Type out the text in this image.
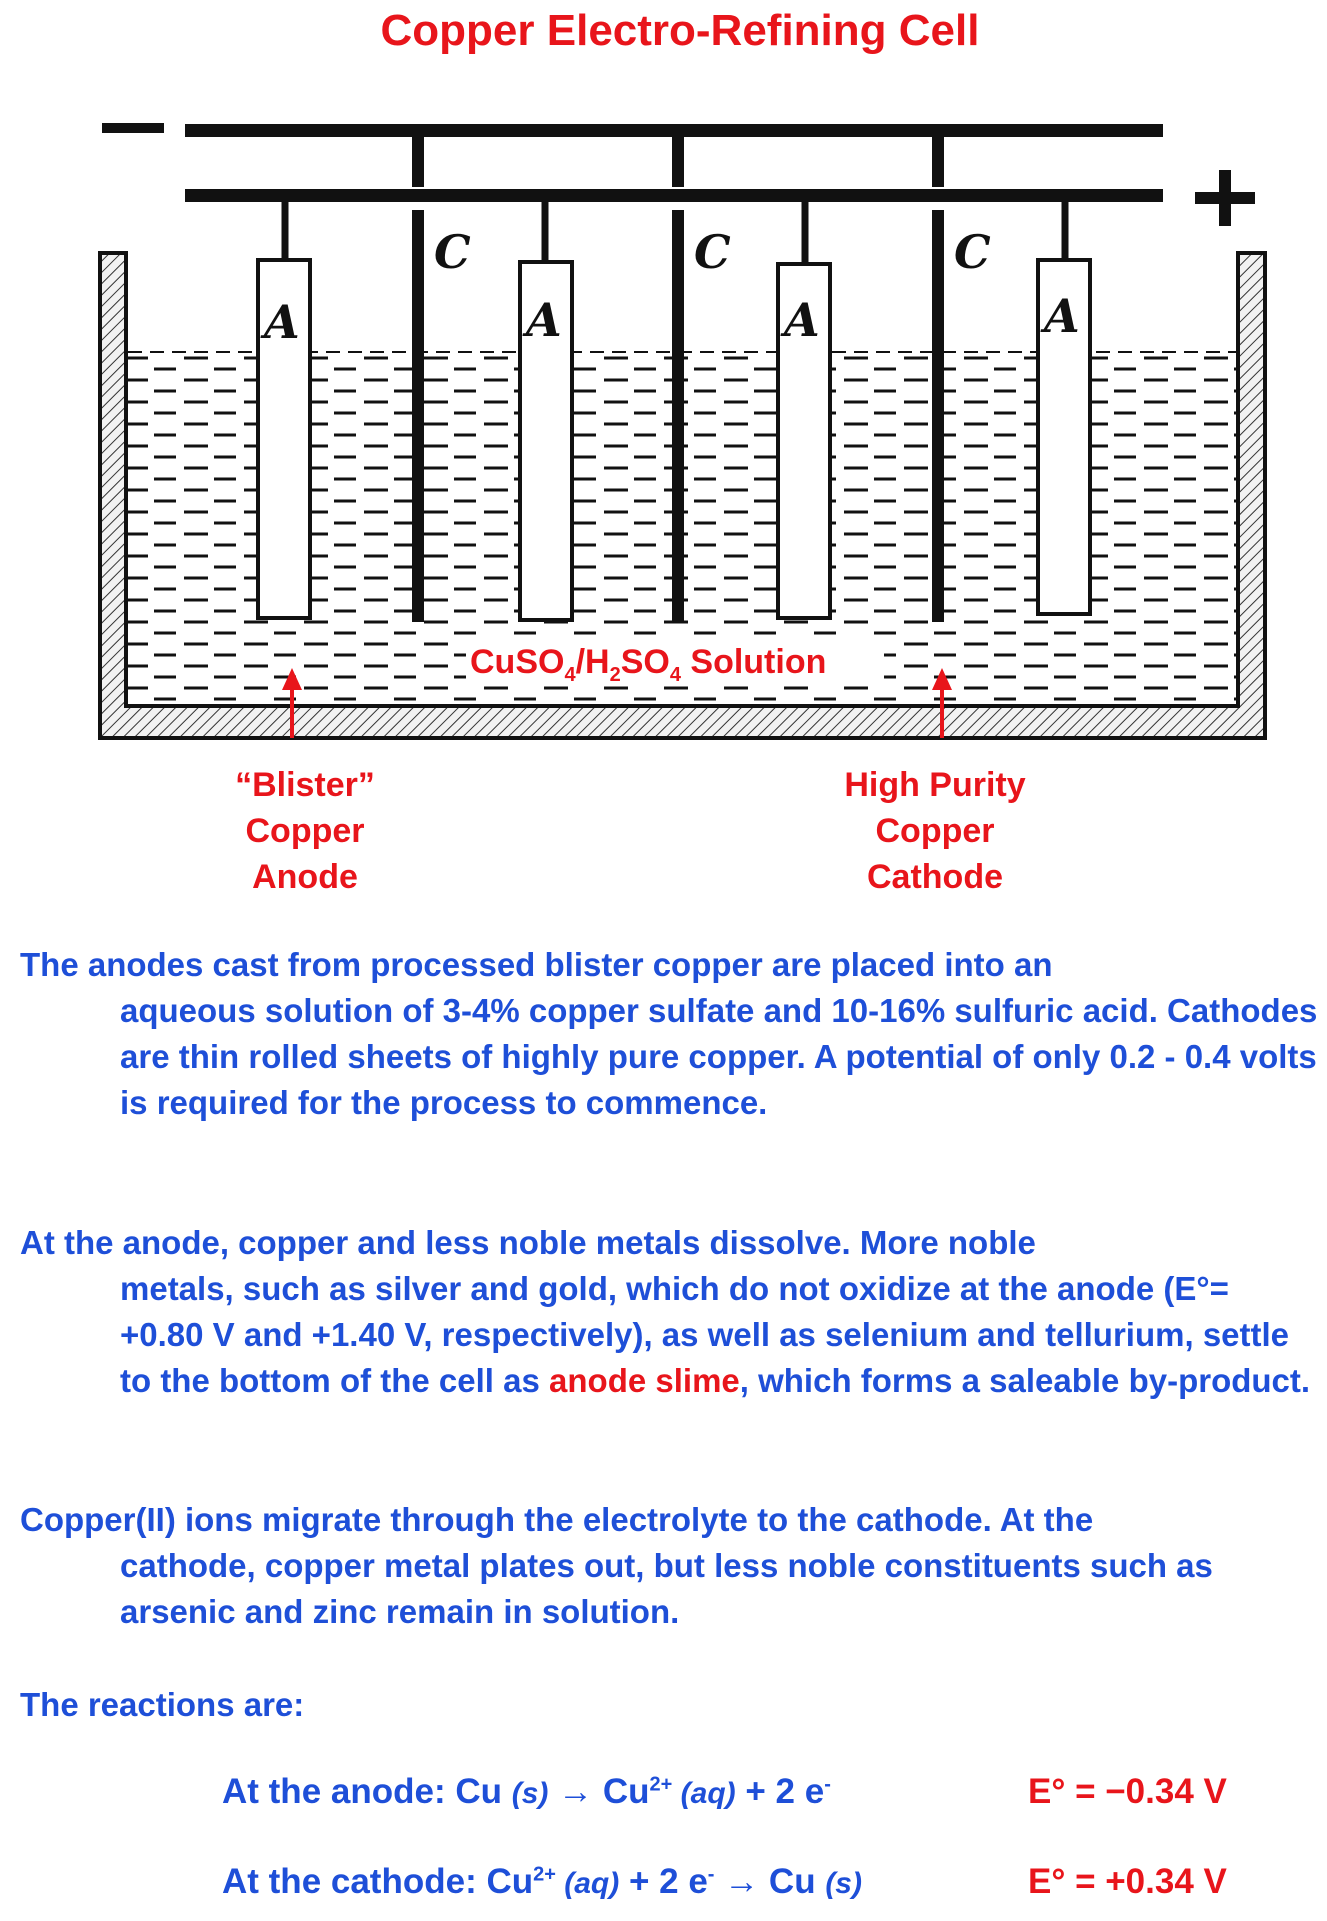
Copper Electro-Refining Cell
A
C
A
C
A
C
A
$CuSO_4/H_2SO_4$ Solution
“Blister”
Copper
Anode
High Purity
Copper
Cathode
The anodes cast from processed blister copper are placed into an
aqueous solution of 3-4% copper sulfate and 10-16% sulfuric acid. Cathodes are thin rolled sheets of highly pure copper. A potential of only 0.2 - 0.4 volts is required for the process to commence.
At the anode, copper and less noble metals dissolve. More noble
metals, such as silver and gold, which do not oxidize at the anode (E°= +0.80 V and +1.40 V, respectively), as well as selenium and tellurium, settle to the bottom of the cell as anode slime, which forms a saleable by-product.
Copper(II) ions migrate through the electrolyte to the cathode. At the
cathode, copper metal plates out, but less noble constituents such as arsenic and zinc remain in solution.
The reactions are:
At the anode: Cu $(s) \to Cu^{2+}$ (aq) + 2 e-	E° = −0.34 V
At the cathode: $Cu^{2+}$ (aq) + 2 e- → Cu (s)	E° = +0.34 V
